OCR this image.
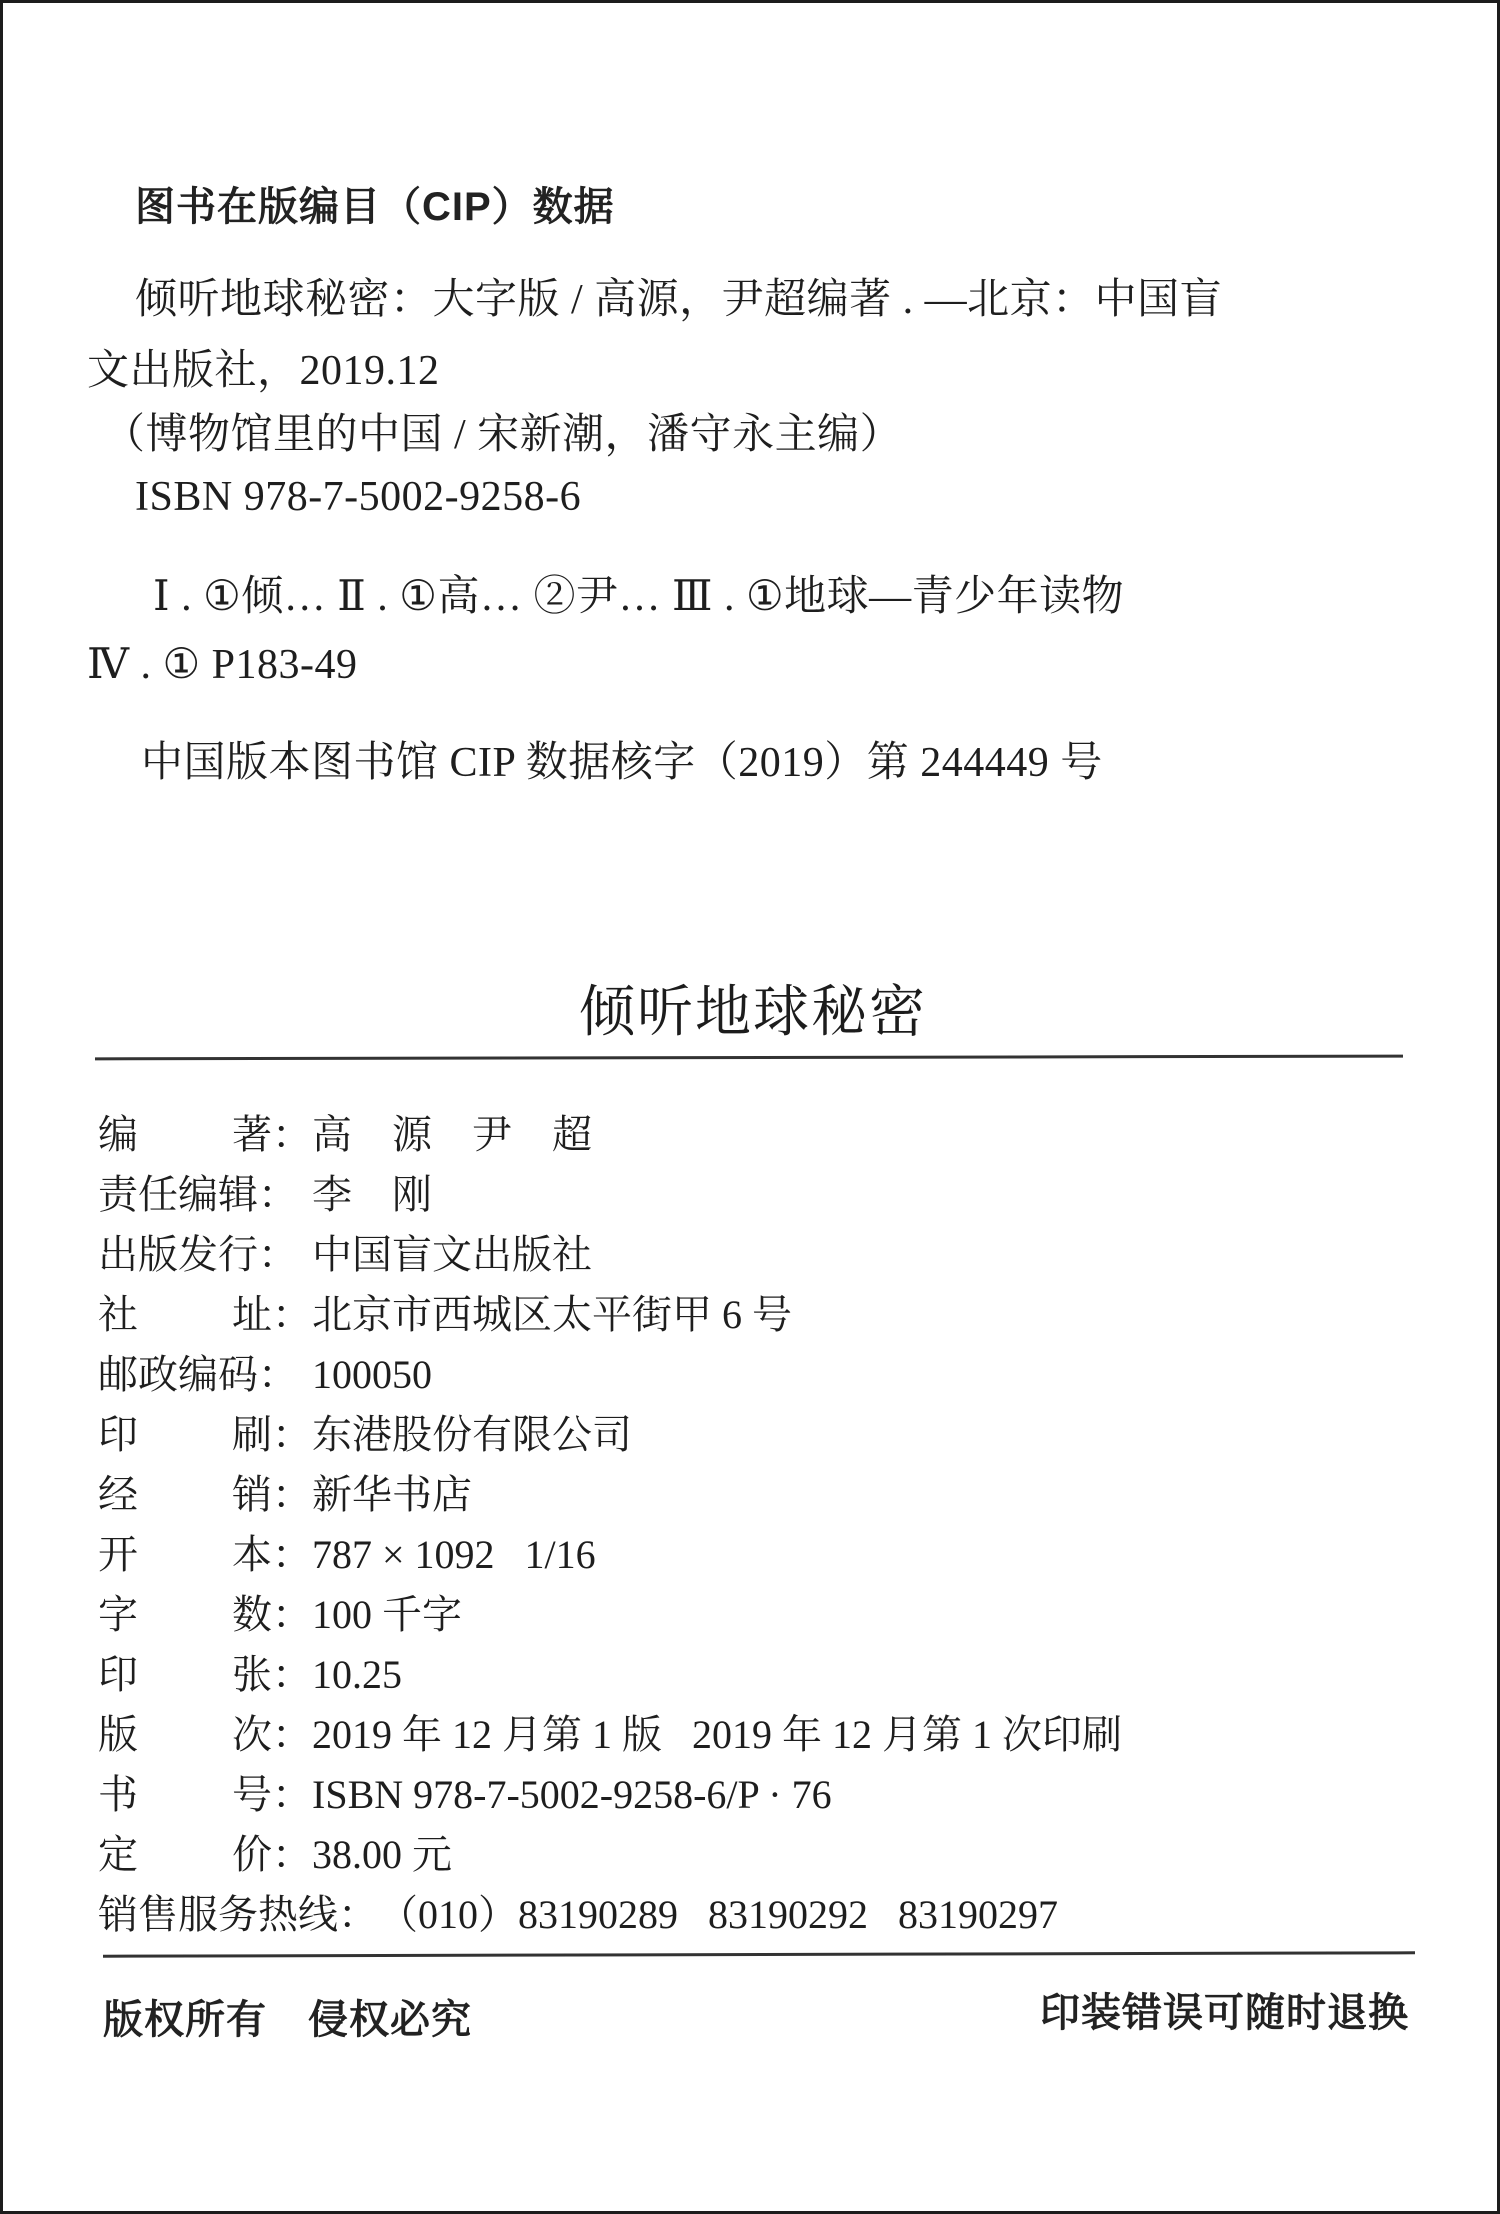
图书在版编目（CIP）数据
倾听地球秘密：大字版 / 高源，尹超编著 . —北京：中国盲
文出版社，2019.12
（博物馆里的中国 / 宋新潮，潘守永主编）
ISBN 978-7-5002-9258-6
Ⅰ . ①倾… Ⅱ . ①高… ②尹… Ⅲ . ①地球—青少年读物
Ⅳ . ① P183-49
中国版本图书馆 CIP 数据核字（2019）第 244449 号
倾听地球秘密
编 著： 高　源　尹　超
责任编辑 ： 李　刚
出版发行 ： 中国盲文出版社
社 址： 北京市西城区太平街甲 6 号
邮政编码 ： 100050
印 刷： 东港股份有限公司
经 销： 新华书店
开 本： 787 × 1092   1/16
字 数： 100 千字
印 张： 10.25
版 次： 2019 年 12 月第 1 版   2019 年 12 月第 1 次印刷
书 号： ISBN 978-7-5002-9258-6/P · 76
定 价： 38.00 元
销售服务热线： （010）83190289   83190292   83190297
版权所有　侵权必究	印装错误可随时退换
